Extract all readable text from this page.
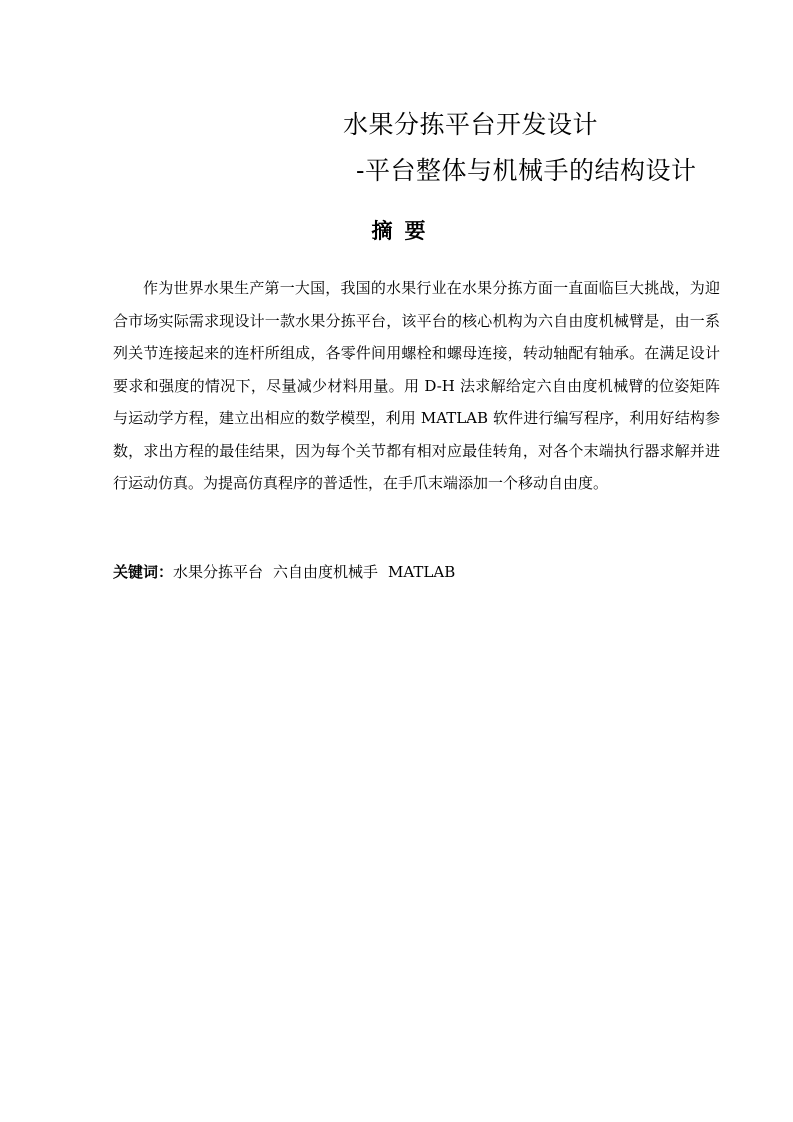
水果分拣平台开发设计
-平台整体与机械手的结构设计
摘要

作为世界水果生产第一大国，我国的水果行业在水果分拣方面一直面临巨大挑战，为迎合市场实际需求现设计一款水果分拣平台，该平台的核心机构为六自由度机械臂是，由一系列关节连接起来的连杆所组成，各零件间用螺栓和螺母连接，转动轴配有轴承。在满足设计要求和强度的情况下，尽量减少材料用量。用 D-H 法求解给定六自由度机械臂的位姿矩阵与运动学方程，建立出相应的数学模型，利用 MATLAB 软件进行编写程序，利用好结构参数，求出方程的最佳结果，因为每个关节都有相对应最佳转角，对各个末端执行器求解并进行运动仿真。为提高仿真程序的普适性，在手爪末端添加一个移动自由度。

关键词：水果分拣平台 六自由度机械手 MATLAB
